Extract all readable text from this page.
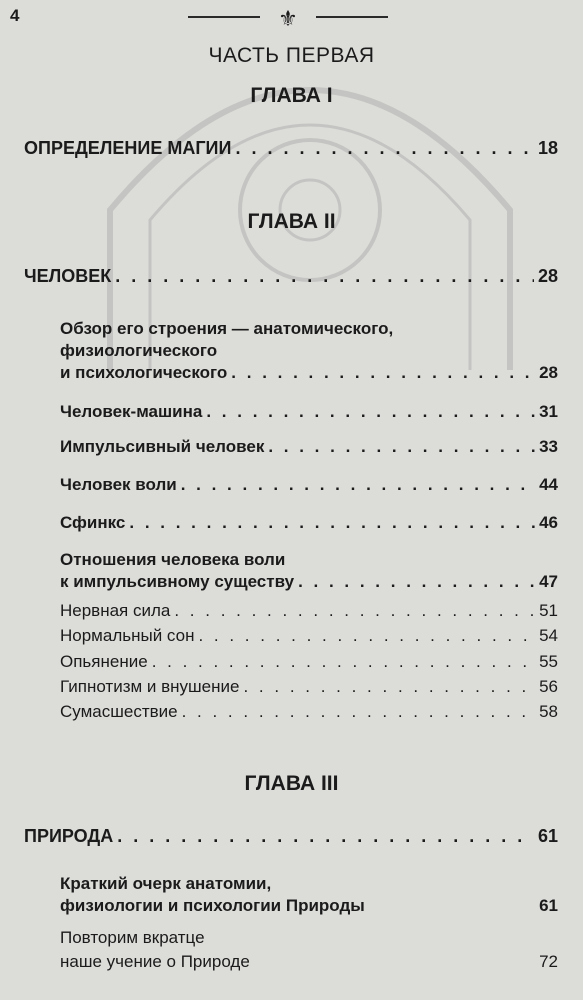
4	⚜
ЧАСТЬ ПЕРВАЯ
ГЛАВА I
ОПРЕДЕЛЕНИЕ МАГИИ . . .	18
ГЛАВА II
ЧЕЛОВЕК . . .	28
Обзор его строения — анатомического,
физиологического
и психологического . . .	28
Человек-машина . . .	31
Импульсивный человек . . .	33
Человек воли . . .	44
Сфинкс . . .	46
Отношения человека воли
к импульсивному существу . . .	47
Нервная сила . . .	51
Нормальный сон . . .	54
Опьянение . . .	55
Гипнотизм и внушение . . .	56
Сумасшествие . . .	58
ГЛАВА III
ПРИРОДА . . .	61
Краткий очерк анатомии,
физиологии и психологии Природы	61
Повторим вкратце
наше учение о Природе	72
